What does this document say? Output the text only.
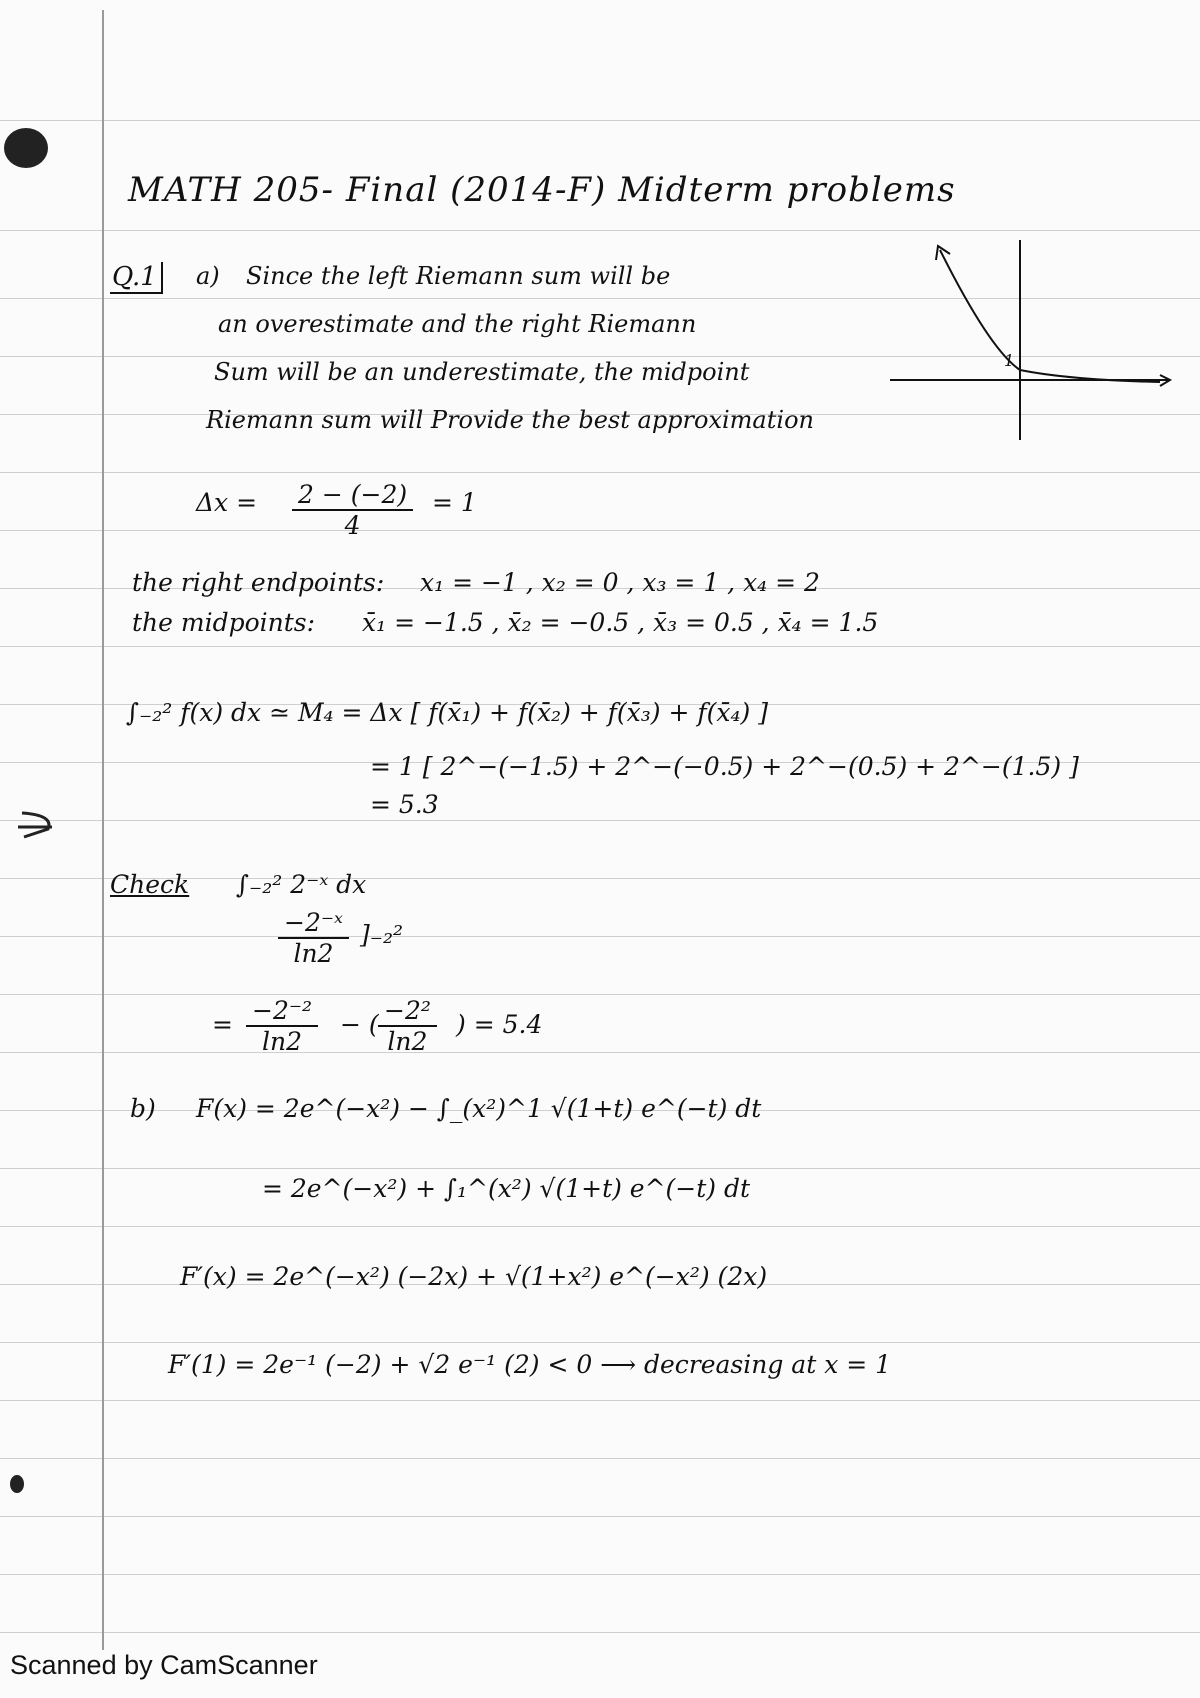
MATH 205- Final (2014-F) Midterm problems
Q.1 a) Since the left Riemann sum will be
an overestimate and the right Riemann
Sum will be an underestimate, the midpoint
Riemann sum will Provide the best approximation
1
$\Delta x = \frac{2 - (-2)}{4} = 1$
the right endpoints: x₁ = −1 , x₂ = 0 , x₃ = 1 , x₄ = 2
the midpoints: x̄₁ = −1.5 , x̄₂ = −0.5 , x̄₃ = 0.5 , x̄₄ = 1.5
∫₋₂² f(x) dx ≃ M₄ = Δx [ f(x̄₁) + f(x̄₂) + f(x̄₃) + f(x̄₄) ]
= 1 [ 2^−(−1.5) + 2^−(−0.5) + 2^−(0.5) + 2^−(1.5) ]
= 5.3
Check ∫₋₂² 2⁻ˣ dx
$\frac{\text{−2⁻ˣ}}{\ln 2} ]_{-2}^2$
= $\frac{\text{−2⁻²}}{\ln 2}$ − ( $\frac{\text{−2²}}{\ln 2}$ ) = 5.4
b) F(x) = 2e^(−x²) − ∫_(x²)^1 √(1+t) e^(−t) dt
= 2e^(−x²) + ∫₁^(x²) √(1+t) e^(−t) dt
F′(x) = 2e^(−x²) (−2x) + √(1+x²) e^(−x²) (2x)
F′(1) = 2e⁻¹ (−2) + √2 e⁻¹ (2) < 0 ⟶ decreasing at x = 1
Scanned by CamScanner
